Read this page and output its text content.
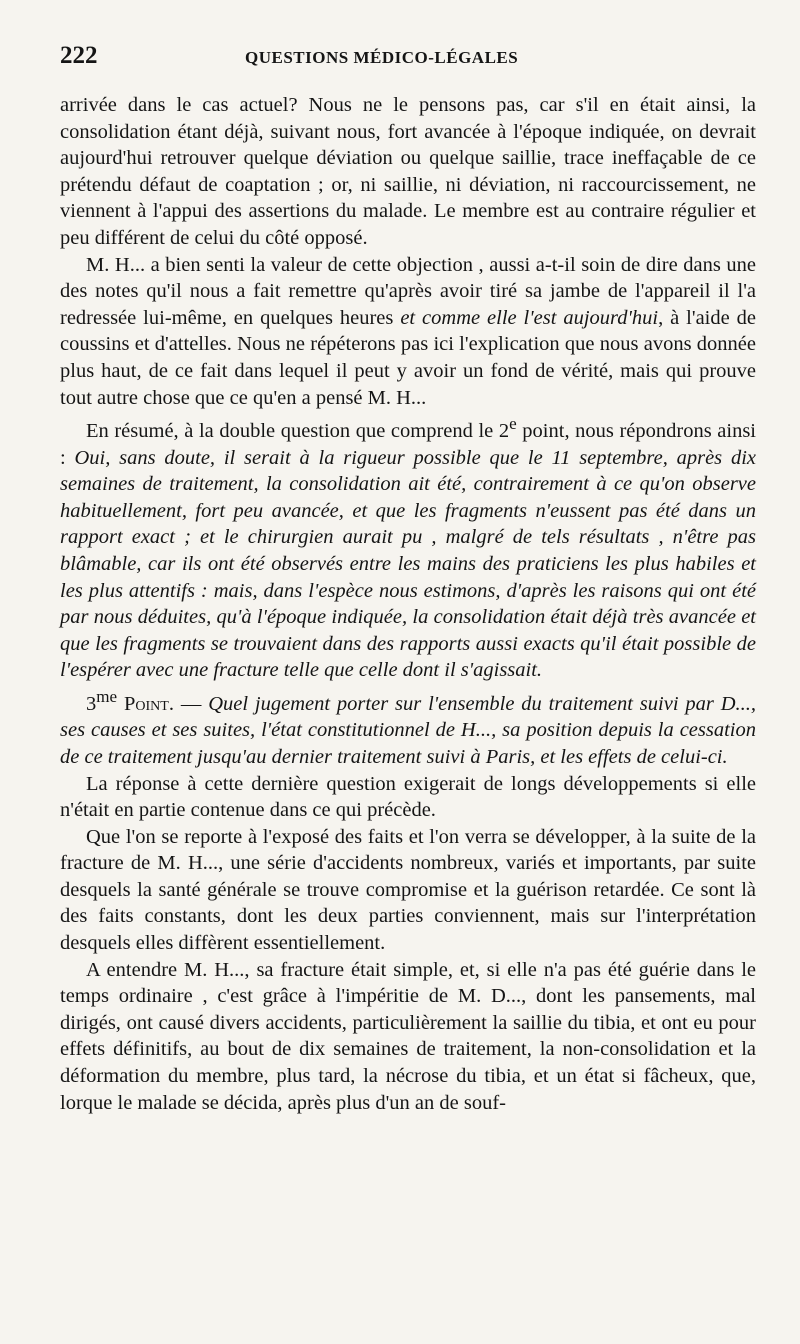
222	QUESTIONS MÉDICO-LÉGALES

arrivée dans le cas actuel? Nous ne le pensons pas, car s'il en était ainsi, la consolidation étant déjà, suivant nous, fort avancée à l'époque indiquée, on devrait aujourd'hui retrouver quelque déviation ou quelque saillie, trace ineffaçable de ce prétendu défaut de coaptation ; or, ni saillie, ni déviation, ni raccourcissement, ne viennent à l'appui des assertions du malade. Le membre est au contraire régulier et peu différent de celui du côté opposé.

M. H... a bien senti la valeur de cette objection , aussi a-t-il soin de dire dans une des notes qu'il nous a fait remettre qu'après avoir tiré sa jambe de l'appareil il l'a redressée lui-même, en quelques heures et comme elle l'est aujourd'hui, à l'aide de coussins et d'attelles. Nous ne répéterons pas ici l'explication que nous avons donnée plus haut, de ce fait dans lequel il peut y avoir un fond de vérité, mais qui prouve tout autre chose que ce qu'en a pensé M. H...

En résumé, à la double question que comprend le 2e point, nous répondrons ainsi : Oui, sans doute, il serait à la rigueur possible que le 11 septembre, après dix semaines de traitement, la consolidation ait été, contrairement à ce qu'on observe habituellement, fort peu avancée, et que les fragments n'eussent pas été dans un rapport exact ; et le chirurgien aurait pu , malgré de tels résultats , n'être pas blâmable, car ils ont été observés entre les mains des praticiens les plus habiles et les plus attentifs : mais, dans l'espèce nous estimons, d'après les raisons qui ont été par nous déduites, qu'à l'époque indiquée, la consolidation était déjà très avancée et que les fragments se trouvaient dans des rapports aussi exacts qu'il était possible de l'espérer avec une fracture telle que celle dont il s'agissait.

$3^{me}$ Point. — Quel jugement porter sur l'ensemble du traitement suivi par D..., ses causes et ses suites, l'état constitutionnel de H..., sa position depuis la cessation de ce traitement jusqu'au dernier traitement suivi à Paris, et les effets de celui-ci.

La réponse à cette dernière question exigerait de longs développements si elle n'était en partie contenue dans ce qui précède.

Que l'on se reporte à l'exposé des faits et l'on verra se développer, à la suite de la fracture de M. H..., une série d'accidents nombreux, variés et importants, par suite desquels la santé générale se trouve compromise et la guérison retardée. Ce sont là des faits constants, dont les deux parties conviennent, mais sur l'interprétation desquels elles diffèrent essentiellement.

A entendre M. H..., sa fracture était simple, et, si elle n'a pas été guérie dans le temps ordinaire , c'est grâce à l'impéritie de M. D..., dont les pansements, mal dirigés, ont causé divers accidents, particulièrement la saillie du tibia, et ont eu pour effets définitifs, au bout de dix semaines de traitement, la non-consolidation et la déformation du membre, plus tard, la nécrose du tibia, et un état si fâcheux, que, lorque le malade se décida, après plus d'un an de souf-
